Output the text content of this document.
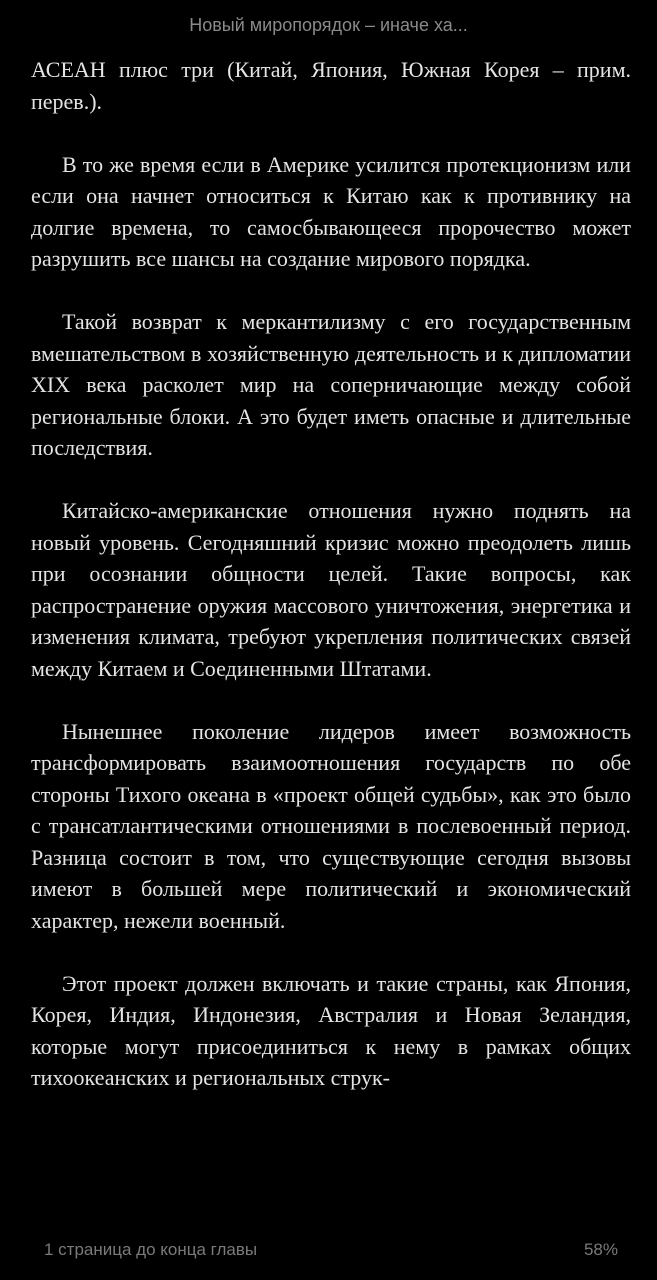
Новый миропорядок – иначе ха...

АСЕАН плюс три (Китай, Япония, Южная Корея – прим. перев.).

В то же время если в Америке усилится протекционизм или если она начнет относиться к Китаю как к противнику на долгие времена, то самосбывающееся пророчество может разрушить все шансы на создание мирового порядка.

Такой возврат к меркантилизму с его государственным вмешательством в хозяйственную деятельность и к дипломатии XIX века расколет мир на соперничающие между собой региональные блоки. А это будет иметь опасные и длительные последствия.

Китайско-американские отношения нужно поднять на новый уровень. Сегодняшний кризис можно преодолеть лишь при осознании общности целей. Такие вопросы, как распространение оружия массового уничтожения, энергетика и изменения климата, требуют укрепления политических связей между Китаем и Соединенными Штатами.

Нынешнее поколение лидеров имеет возможность трансформировать взаимоотношения государств по обе стороны Тихого океана в «проект общей судьбы», как это было с трансатлантическими отношениями в послевоенный период. Разница состоит в том, что существующие сегодня вызовы имеют в большей мере политический и экономический характер, нежели военный.

Этот проект должен включать и такие страны, как Япония, Корея, Индия, Индонезия, Австралия и Новая Зеландия, которые могут присоединиться к нему в рамках общих тихоокеанских и региональных струк-

1 страница до конца главы	58%
